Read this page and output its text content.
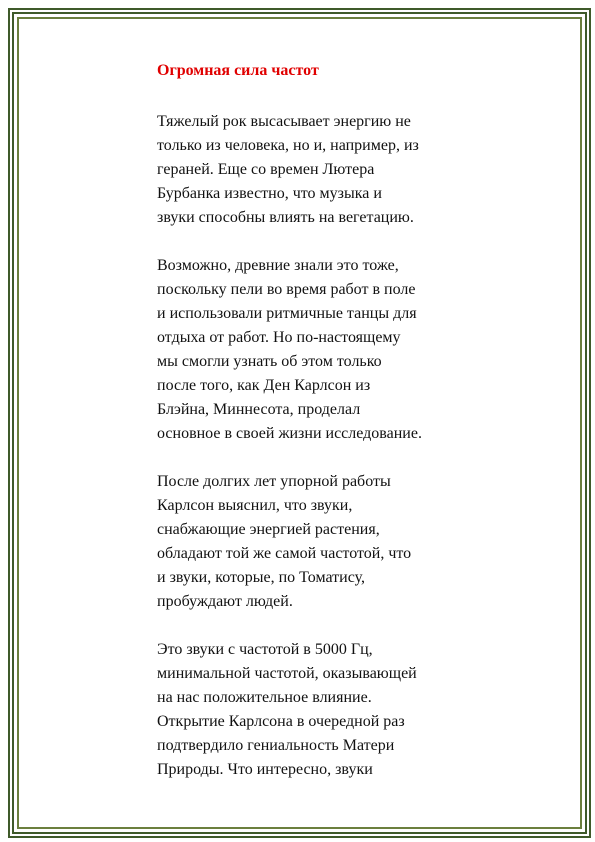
Огромная сила частот

Тяжелый рок высасывает энергию не
только из человека, но и, например, из
гераней. Еще со времен Лютера
Бурбанка известно, что музыка и
звуки способны влиять на вегетацию.

Возможно, древние знали это тоже,
поскольку пели во время работ в поле
и использовали ритмичные танцы для
отдыха от работ. Но по-настоящему
мы смогли узнать об этом только
после того, как Ден Карлсон из
Блэйна, Миннесота, проделал
основное в своей жизни исследование.

После долгих лет упорной работы
Карлсон выяснил, что звуки,
снабжающие энергией растения,
обладают той же самой частотой, что
и звуки, которые, по Томатису,
пробуждают людей.

Это звуки с частотой в 5000 Гц,
минимальной частотой, оказывающей
на нас положительное влияние.
Открытие Карлсона в очередной раз
подтвердило гениальность Матери
Природы. Что интересно, звуки
